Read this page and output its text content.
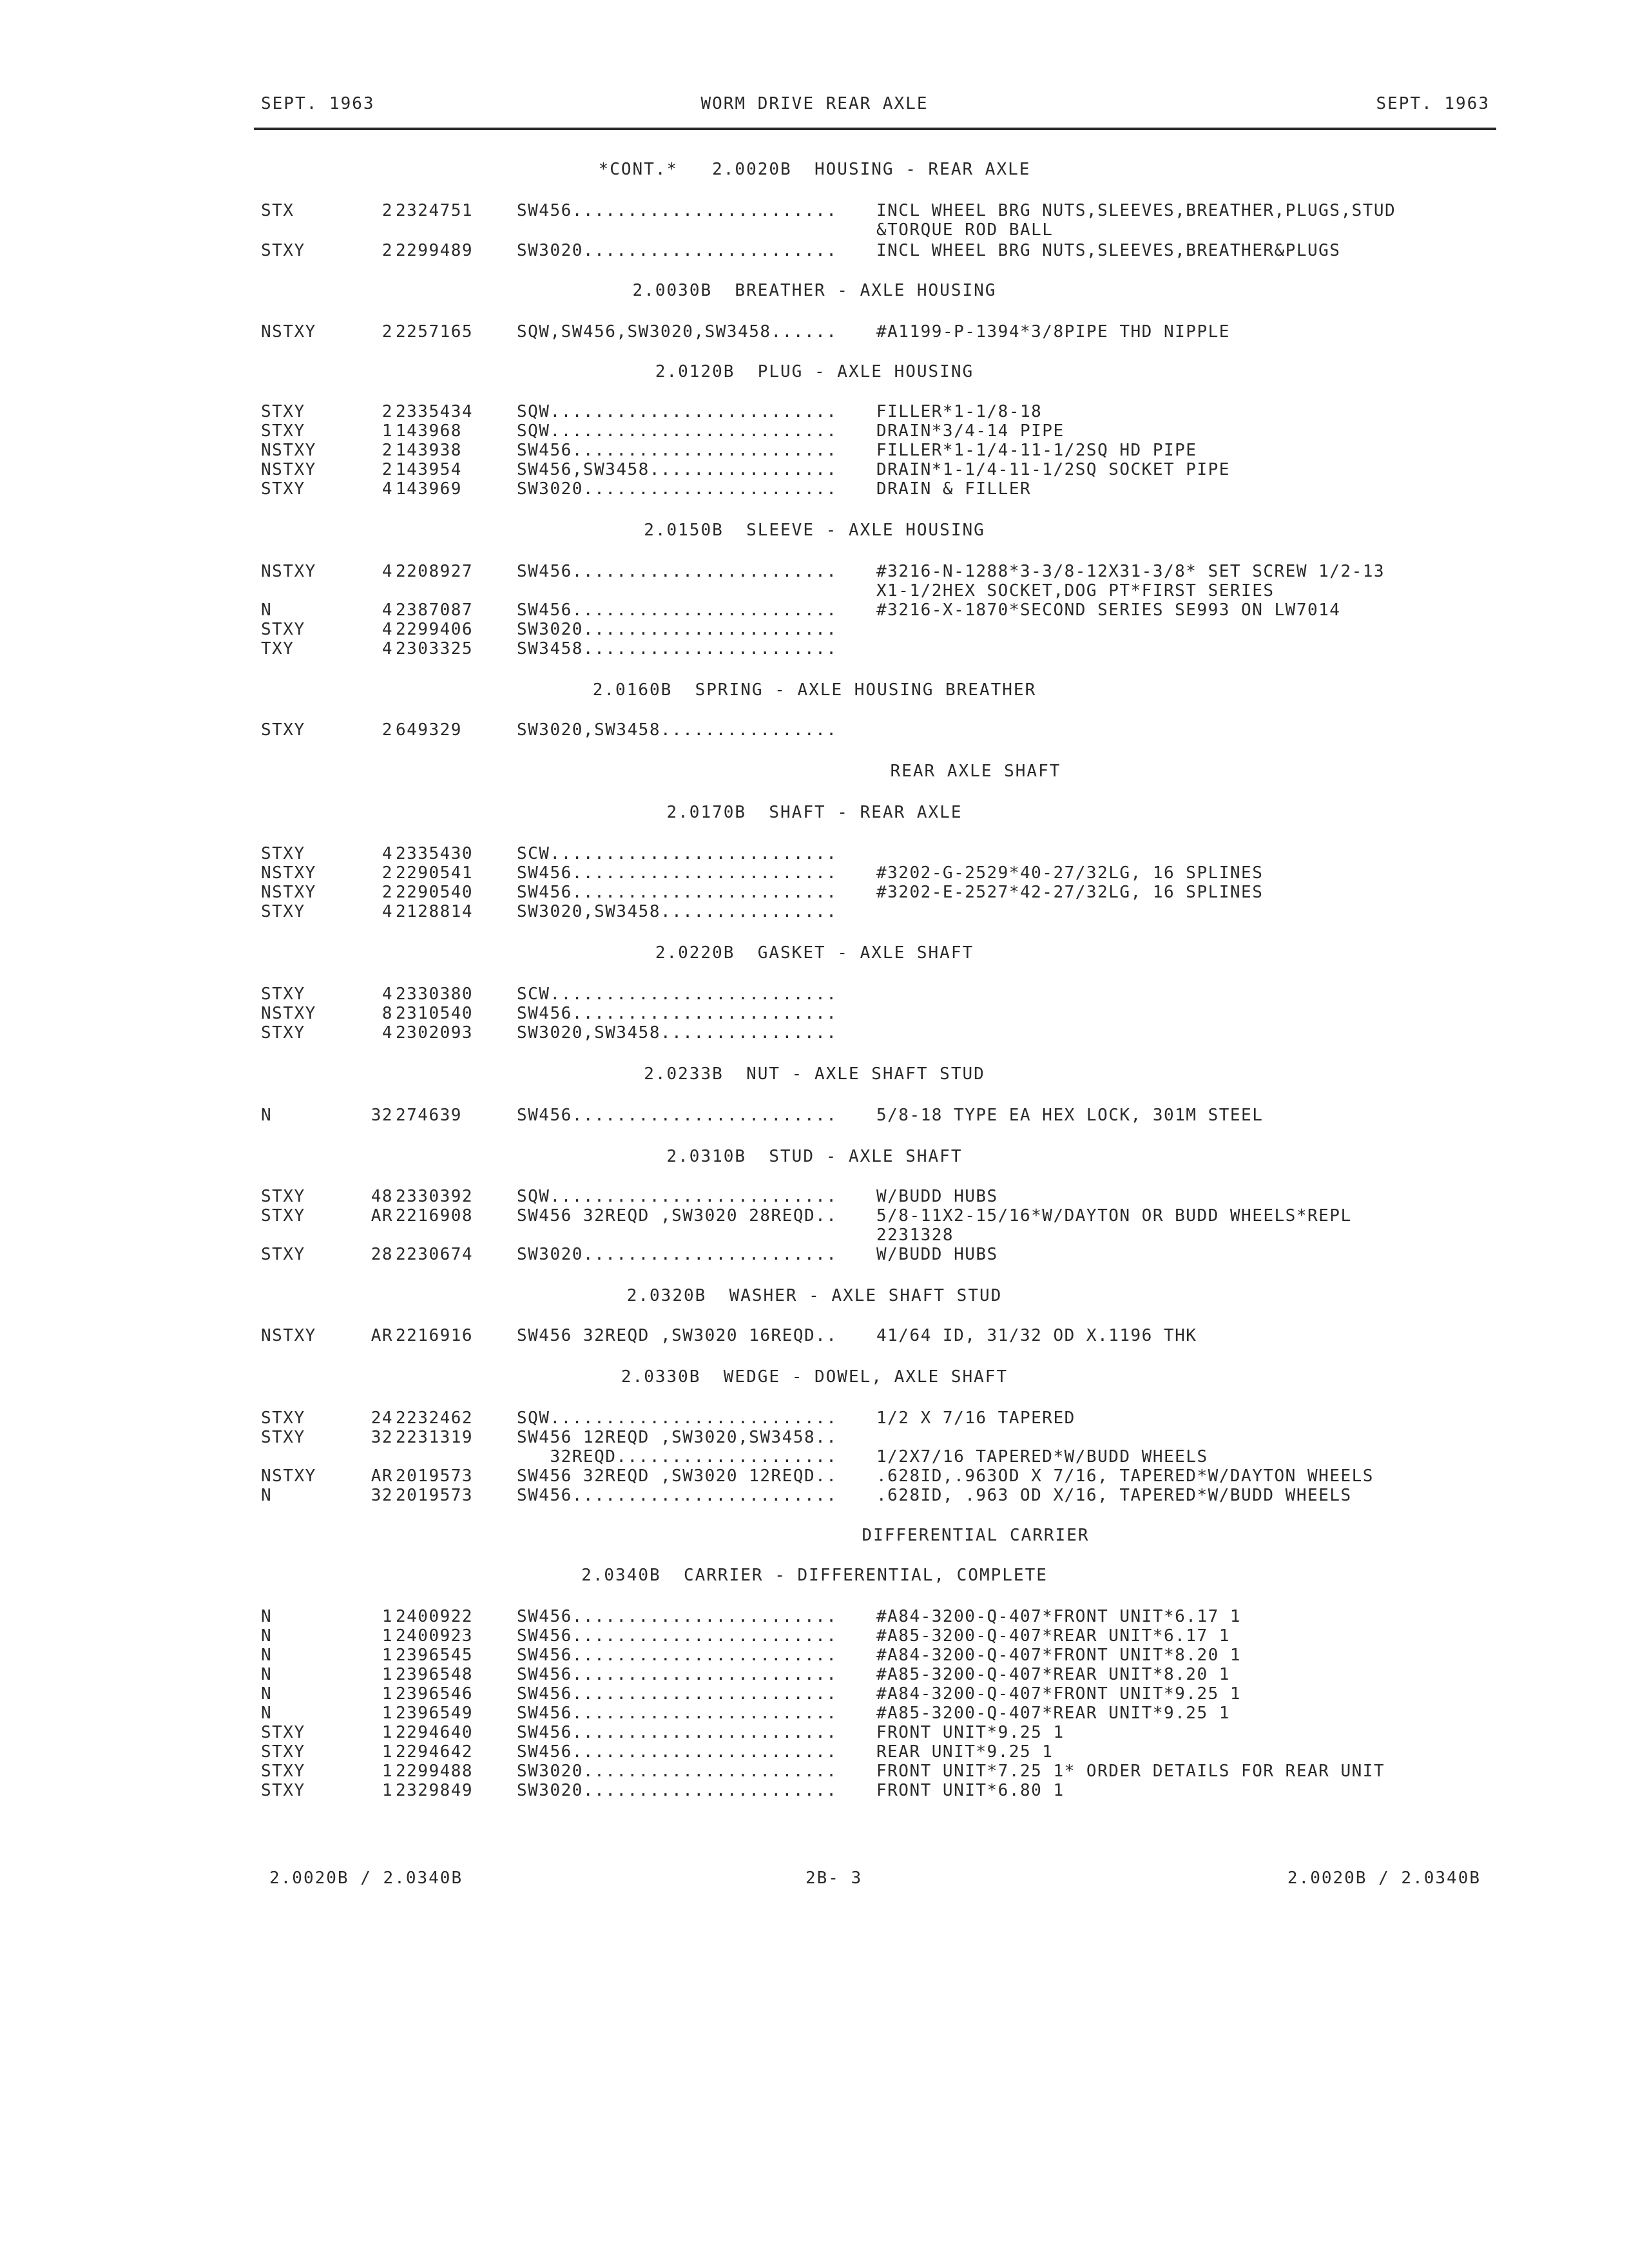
SEPT. 1963	WORM DRIVE REAR AXLE	SEPT. 1963
*CONT.*   2.0020B  HOUSING - REAR AXLE
STX	2 2324751	SW456........................ INCL WHEEL BRG NUTS,SLEEVES,BREATHER,PLUGS,STUD
&TORQUE ROD BALL
STXY	2 2299489	SW3020....................... INCL WHEEL BRG NUTS,SLEEVES,BREATHER&PLUGS
2.0030B  BREATHER - AXLE HOUSING
NSTXY	2 2257165	SQW,SW456,SW3020,SW3458...... #A1199-P-1394*3/8PIPE THD NIPPLE
2.0120B  PLUG - AXLE HOUSING
STXY	2 2335434	SQW.......................... FILLER*1-1/8-18
STXY	1 143968	SQW.......................... DRAIN*3/4-14 PIPE
NSTXY	2 143938	SW456........................ FILLER*1-1/4-11-1/2SQ HD PIPE
NSTXY	2 143954	SW456,SW3458................. DRAIN*1-1/4-11-1/2SQ SOCKET PIPE
STXY	4 143969	SW3020....................... DRAIN & FILLER
2.0150B  SLEEVE - AXLE HOUSING
NSTXY	4 2208927	SW456........................ #3216-N-1288*3-3/8-12X31-3/8* SET SCREW 1/2-13
X1-1/2HEX SOCKET,DOG PT*FIRST SERIES
N	4 2387087	SW456........................ #3216-X-1870*SECOND SERIES SE993 ON LW7014
STXY	4 2299406	SW3020.......................
TXY	4 2303325	SW3458.......................
2.0160B  SPRING - AXLE HOUSING BREATHER
STXY	2 649329	SW3020,SW3458................
REAR AXLE SHAFT
2.0170B  SHAFT - REAR AXLE
STXY	4 2335430	SCW..........................
NSTXY	2 2290541	SW456........................ #3202-G-2529*40-27/32LG, 16 SPLINES
NSTXY	2 2290540	SW456........................ #3202-E-2527*42-27/32LG, 16 SPLINES
STXY	4 2128814	SW3020,SW3458................
2.0220B  GASKET - AXLE SHAFT
STXY	4 2330380	SCW..........................
NSTXY	8 2310540	SW456........................
STXY	4 2302093	SW3020,SW3458................
2.0233B  NUT - AXLE SHAFT STUD
N	32 274639	SW456........................ 5/8-18 TYPE EA HEX LOCK, 301M STEEL
2.0310B  STUD - AXLE SHAFT
STXY	48 2330392	SQW.......................... W/BUDD HUBS
STXY	AR 2216908	SW456 32REQD ,SW3020 28REQD.. 5/8-11X2-15/16*W/DAYTON OR BUDD WHEELS*REPL
2231328
STXY	28 2230674	SW3020....................... W/BUDD HUBS
2.0320B  WASHER - AXLE SHAFT STUD
NSTXY	AR 2216916	SW456 32REQD ,SW3020 16REQD.. 41/64 ID, 31/32 OD X.1196 THK
2.0330B  WEDGE - DOWEL, AXLE SHAFT
STXY	24 2232462	SQW.......................... 1/2 X 7/16 TAPERED
STXY	32 2231319	SW456 12REQD ,SW3020,SW3458..
32REQD.................... 1/2X7/16 TAPERED*W/BUDD WHEELS
NSTXY	AR 2019573	SW456 32REQD ,SW3020 12REQD.. .628ID,.963OD X 7/16, TAPERED*W/DAYTON WHEELS
N	32 2019573	SW456........................ .628ID, .963 OD X/16, TAPERED*W/BUDD WHEELS
DIFFERENTIAL CARRIER
2.0340B  CARRIER - DIFFERENTIAL, COMPLETE
N	1 2400922	SW456........................ #A84-3200-Q-407*FRONT UNIT*6.17 1
N	1 2400923	SW456........................ #A85-3200-Q-407*REAR UNIT*6.17 1
N	1 2396545	SW456........................ #A84-3200-Q-407*FRONT UNIT*8.20 1
N	1 2396548	SW456........................ #A85-3200-Q-407*REAR UNIT*8.20 1
N	1 2396546	SW456........................ #A84-3200-Q-407*FRONT UNIT*9.25 1
N	1 2396549	SW456........................ #A85-3200-Q-407*REAR UNIT*9.25 1
STXY	1 2294640	SW456........................ FRONT UNIT*9.25 1
STXY	1 2294642	SW456........................ REAR UNIT*9.25 1
STXY	1 2299488	SW3020....................... FRONT UNIT*7.25 1* ORDER DETAILS FOR REAR UNIT
STXY	1 2329849	SW3020....................... FRONT UNIT*6.80 1
2.0020B / 2.0340B	2B- 3	2.0020B / 2.0340B
